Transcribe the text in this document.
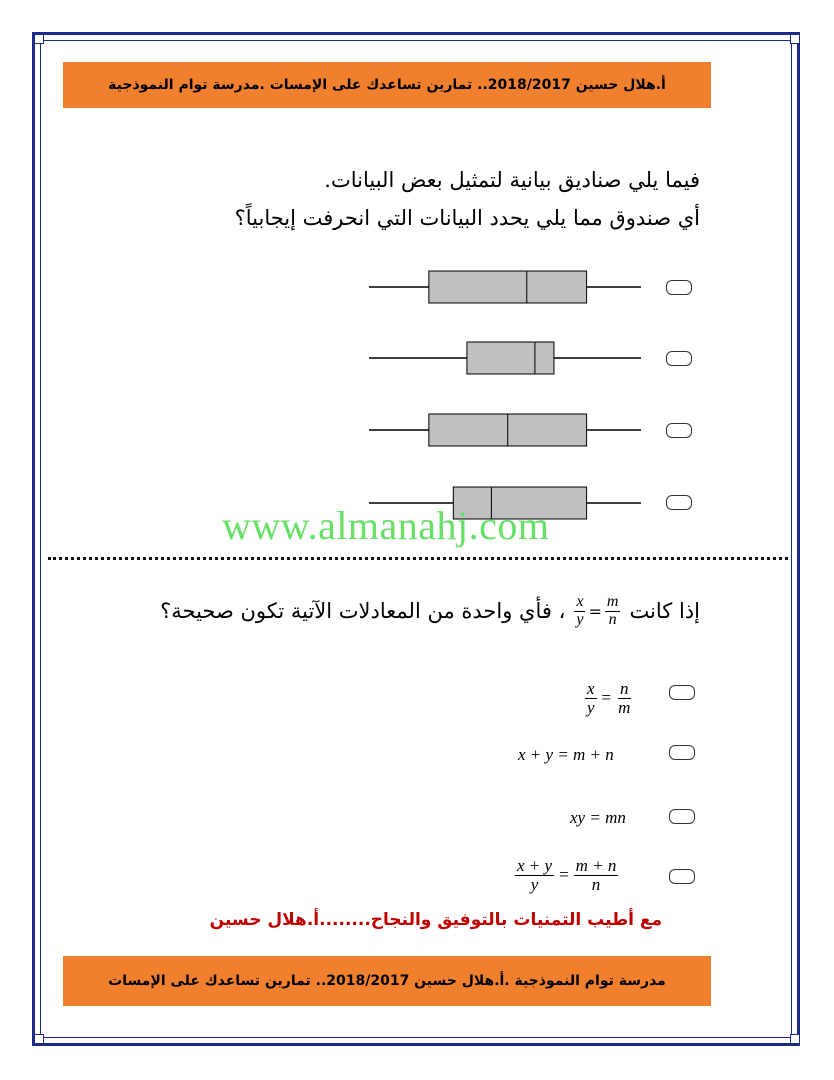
أ.هلال حسين 2018/2017.. تمارين تساعدك على الإمسات .مدرسة توام النموذجية
فيما يلي صناديق بيانية لتمثيل بعض البيانات.
أي صندوق مما يلي يحدد البيانات التي انحرفت إيجابياً؟
www.almanahj.com
إذا كانت
$\frac{x}{y} = \frac{m}{n}$
، فأي واحدة من المعادلات الآتية تكون صحيحة؟
$\frac{x}{y} = \frac{n}{m}$
x + y = m + n
xy = mn
$\frac{x + y}{y} = \frac{m + n}{n}$
مع أطيب التمنيات بالتوفيق والنجاح........أ.هلال حسين
مدرسة توام النموذجية .أ.هلال حسين 2018/2017.. تمارين تساعدك على الإمسات
